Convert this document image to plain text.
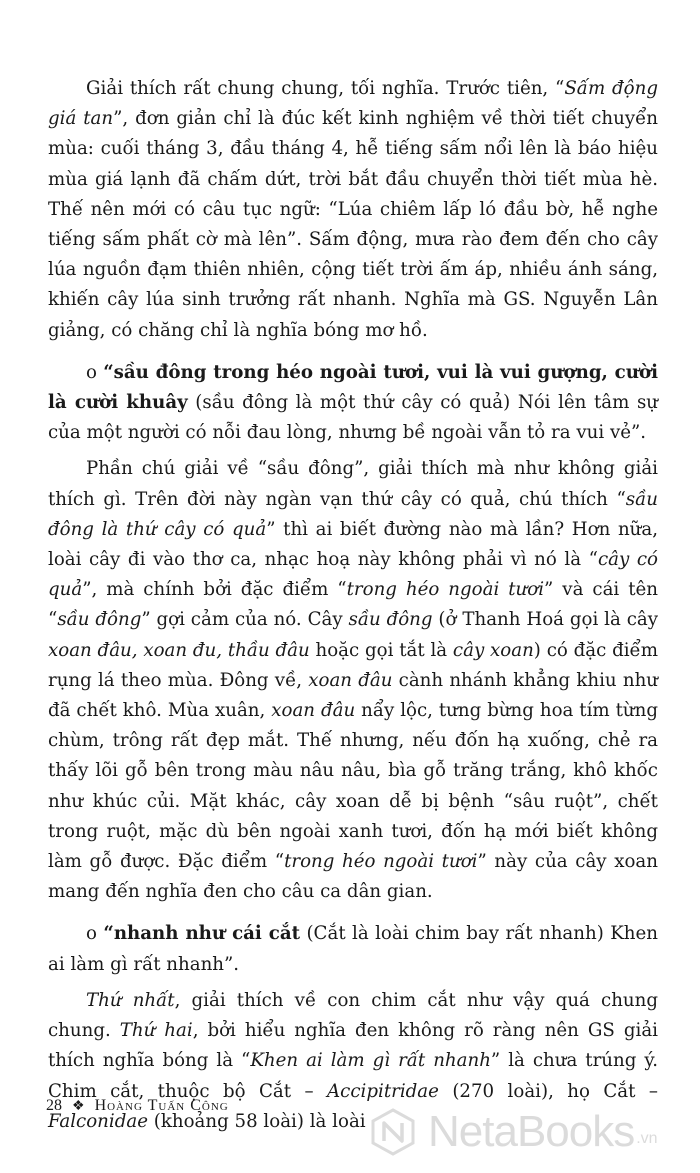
Giải thích rất chung chung, tối nghĩa. Trước tiên, “Sấm động giá tan”, đơn giản chỉ là đúc kết kinh nghiệm về thời tiết chuyển mùa: cuối tháng 3, đầu tháng 4, hễ tiếng sấm nổi lên là báo hiệu mùa giá lạnh đã chấm dứt, trời bắt đầu chuyển thời tiết mùa hè. Thế nên mới có câu tục ngữ: “Lúa chiêm lấp ló đầu bờ, hễ nghe tiếng sấm phất cờ mà lên”. Sấm động, mưa rào đem đến cho cây lúa nguồn đạm thiên nhiên, cộng tiết trời ấm áp, nhiều ánh sáng, khiến cây lúa sinh trưởng rất nhanh. Nghĩa mà GS. Nguyễn Lân giảng, có chăng chỉ là nghĩa bóng mơ hồ.

o “sầu đông trong héo ngoài tươi, vui là vui gượng, cười là cười khuây (sầu đông là một thứ cây có quả) Nói lên tâm sự của một người có nỗi đau lòng, nhưng bề ngoài vẫn tỏ ra vui vẻ”.

Phần chú giải về “sầu đông”, giải thích mà như không giải thích gì. Trên đời này ngàn vạn thứ cây có quả, chú thích “sầu đông là thứ cây có quả” thì ai biết đường nào mà lần? Hơn nữa, loài cây đi vào thơ ca, nhạc hoạ này không phải vì nó là “cây có quả”, mà chính bởi đặc điểm “trong héo ngoài tươi” và cái tên “sầu đông” gợi cảm của nó. Cây sầu đông (ở Thanh Hoá gọi là cây xoan đâu, xoan đu, thầu đâu hoặc gọi tắt là cây xoan) có đặc điểm rụng lá theo mùa. Đông về, xoan đâu cành nhánh khẳng khiu như đã chết khô. Mùa xuân, xoan đâu nẩy lộc, tưng bừng hoa tím từng chùm, trông rất đẹp mắt. Thế nhưng, nếu đốn hạ xuống, chẻ ra thấy lõi gỗ bên trong màu nâu nâu, bìa gỗ trăng trắng, khô khốc như khúc củi. Mặt khác, cây xoan dễ bị bệnh “sâu ruột”, chết trong ruột, mặc dù bên ngoài xanh tươi, đốn hạ mới biết không làm gỗ được. Đặc điểm “trong héo ngoài tươi” này của cây xoan mang đến nghĩa đen cho câu ca dân gian.

o “nhanh như cái cắt (Cắt là loài chim bay rất nhanh) Khen ai làm gì rất nhanh”.

Thứ nhất, giải thích về con chim cắt như vậy quá chung chung. Thứ hai, bởi hiểu nghĩa đen không rõ ràng nên GS giải thích nghĩa bóng là “Khen ai làm gì rất nhanh” là chưa trúng ý. Chim cắt, thuộc bộ Cắt – Accipitridae (270 loài), họ Cắt – Falconidae (khoảng 58 loài) là loài

28 ❖ Hoàng Tuấn Công
NetaBooks .vn
